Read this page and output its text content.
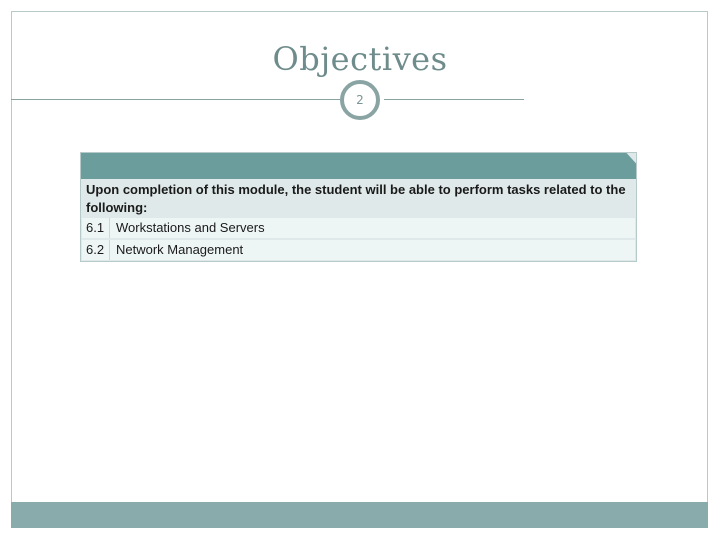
Objectives
2
Upon completion of this module, the student will be able to perform tasks related to the following:
6.1 Workstations and Servers
6.2 Network Management
